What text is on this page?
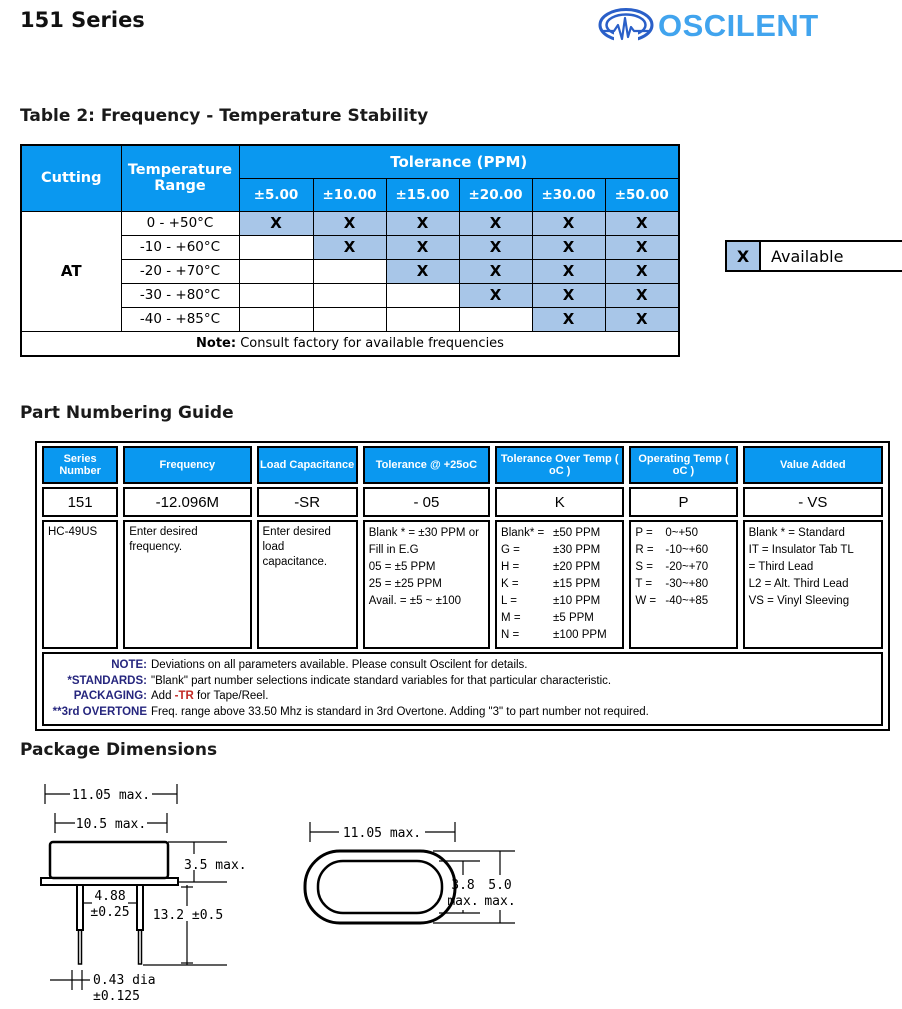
151 Series	OSCILENT
Table 2: Frequency - Temperature Stability
Cutting	Temperature Range	Tolerance (PPM)					
		±5.00	±10.00	±15.00	±20.00	±30.00	±50.00
AT	0 - +50°C	X	X	X	X	X	X
	-10 - +60°C		X	X	X	X	X
	-20 - +70°C			X	X	X	X
	-30 - +80°C				X	X	X
	-40 - +85°C					X	X
Note: Consult factory for available frequencies							
X	Available
Part Numbering Guide
Series Number	Frequency	Load Capacitance	Tolerance @ +25oC	Tolerance Over Temp ( oC )	Operating Temp ( oC )	Value Added
151	-12.096M	-SR	- 05	K	P	- VS
HC-49US	Enter desired frequency.	Enter desired load capacitance.	
Blank * = ±30 PPM or
Fill in E.G
05 = ±5 PPM
25 = ±25 PPM
Avail. = ±5 ~ ±100

Blank* = ±50 PPM
G =	±30 PPM
H =	±20 PPM
K =	±15 PPM
L =	±10 PPM
M =	±5 PPM
N =	±100 PPM

P =	0~+50
R =	-10~+60
S =	-20~+70
T =	-30~+80
W = -40~+85

Blank * = Standard
IT = Insulator Tab TL
= Third Lead
L2 = Alt. Third Lead
VS = Vinyl Sleeving

NOTE: Deviations on all parameters available. Please consult Oscilent for details.
*STANDARDS: "Blank" part number selections indicate standard variables for that particular characteristic.
PACKAGING: Add -TR for Tape/Reel.
**3rd OVERTONE Freq. range above 33.50 Mhz is standard in 3rd Overtone. Adding "3" to part number not required.
Package Dimensions
11.05 max.
10.5 max.
3.5 max.
4.88
±0.25 13.2 ±0.5
0.43 dia
±0.125
11.05 max.
3.8
max.
5.0
max.
